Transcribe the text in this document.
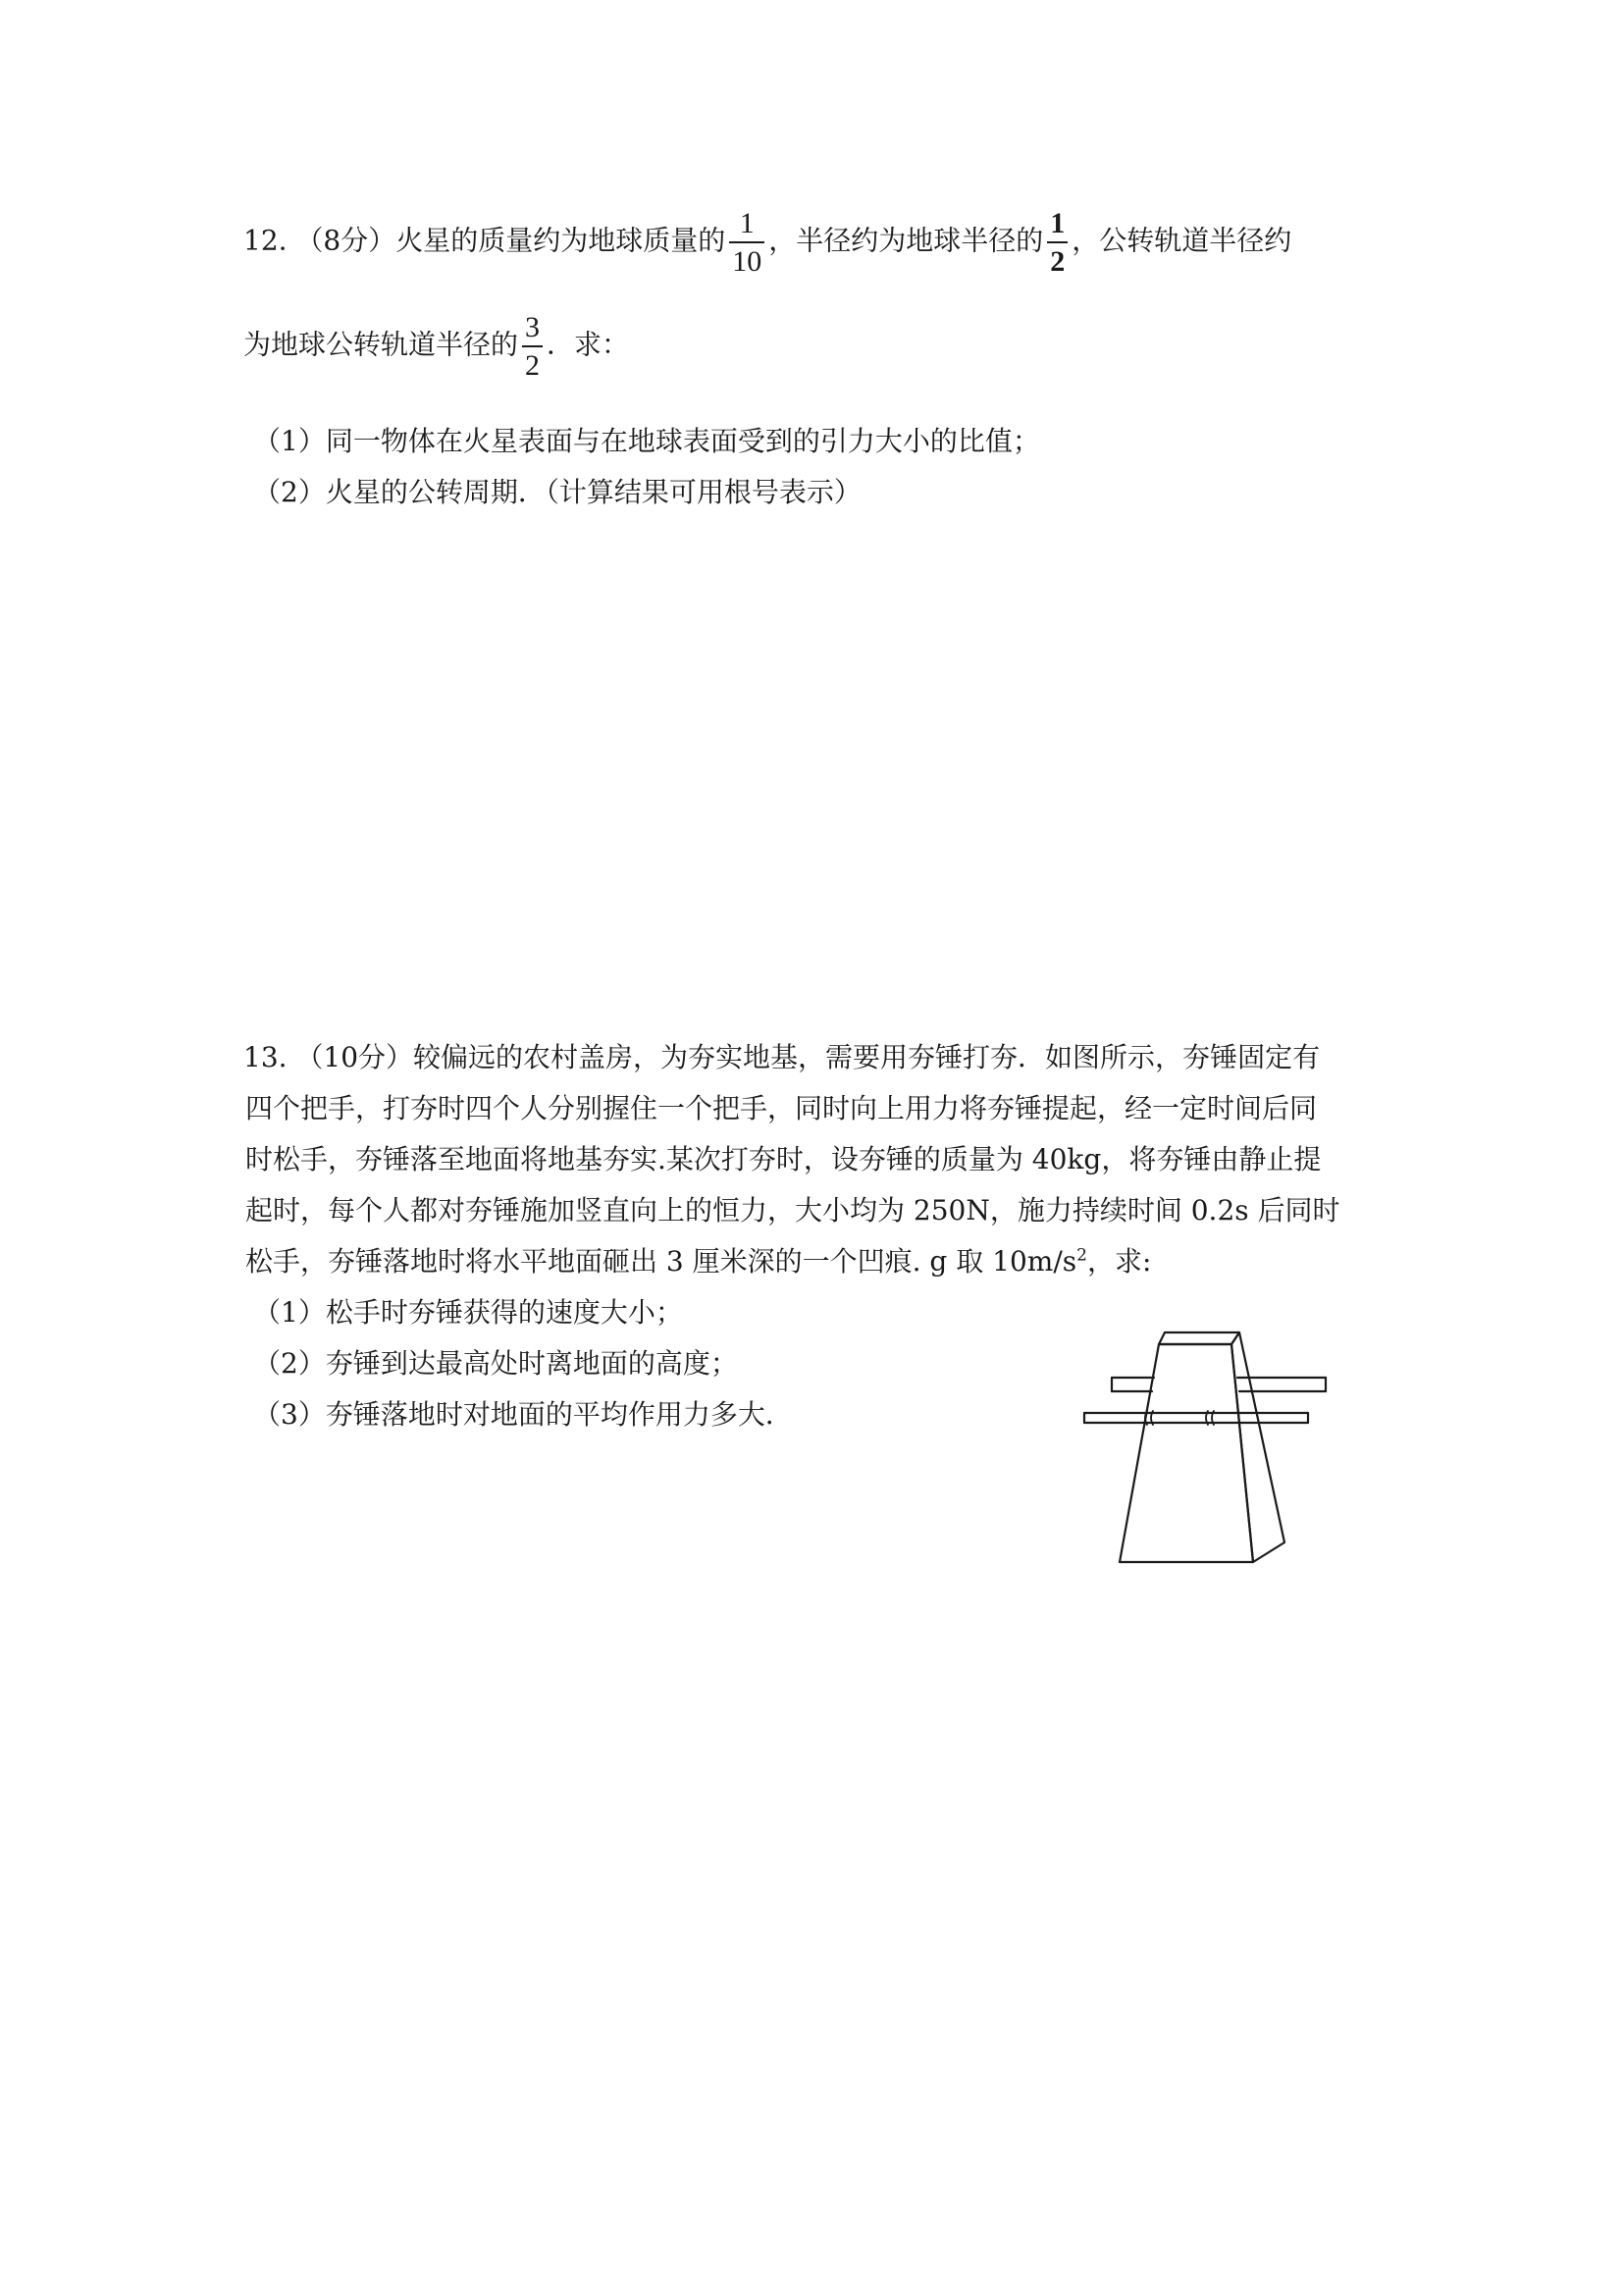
12. （8分）火星的质量约为地球质量的 $\frac{1}{10}$ ，半径约为地球半径的 $\frac{1}{2}$ ，公转轨道半径约
为地球公转轨道半径的 $\frac{3}{2}$ ．求：
（1）同一物体在火星表面与在地球表面受到的引力大小的比值；
（2）火星的公转周期．（计算结果可用根号表示）
13. （10分）较偏远的农村盖房，为夯实地基，需要用夯锤打夯．如图所示，夯锤固定有
四个把手，打夯时四个人分别握住一个把手，同时向上用力将夯锤提起，经一定时间后同
时松手，夯锤落至地面将地基夯实.某次打夯时，设夯锤的质量为 40kg，将夯锤由静止提
起时，每个人都对夯锤施加竖直向上的恒力，大小均为 250N，施力持续时间 0.2s 后同时
松手，夯锤落地时将水平地面砸出 3 厘米深的一个凹痕. g 取 $10m/s^2$，求:
（1）松手时夯锤获得的速度大小；
（2）夯锤到达最高处时离地面的高度；
（3）夯锤落地时对地面的平均作用力多大．
